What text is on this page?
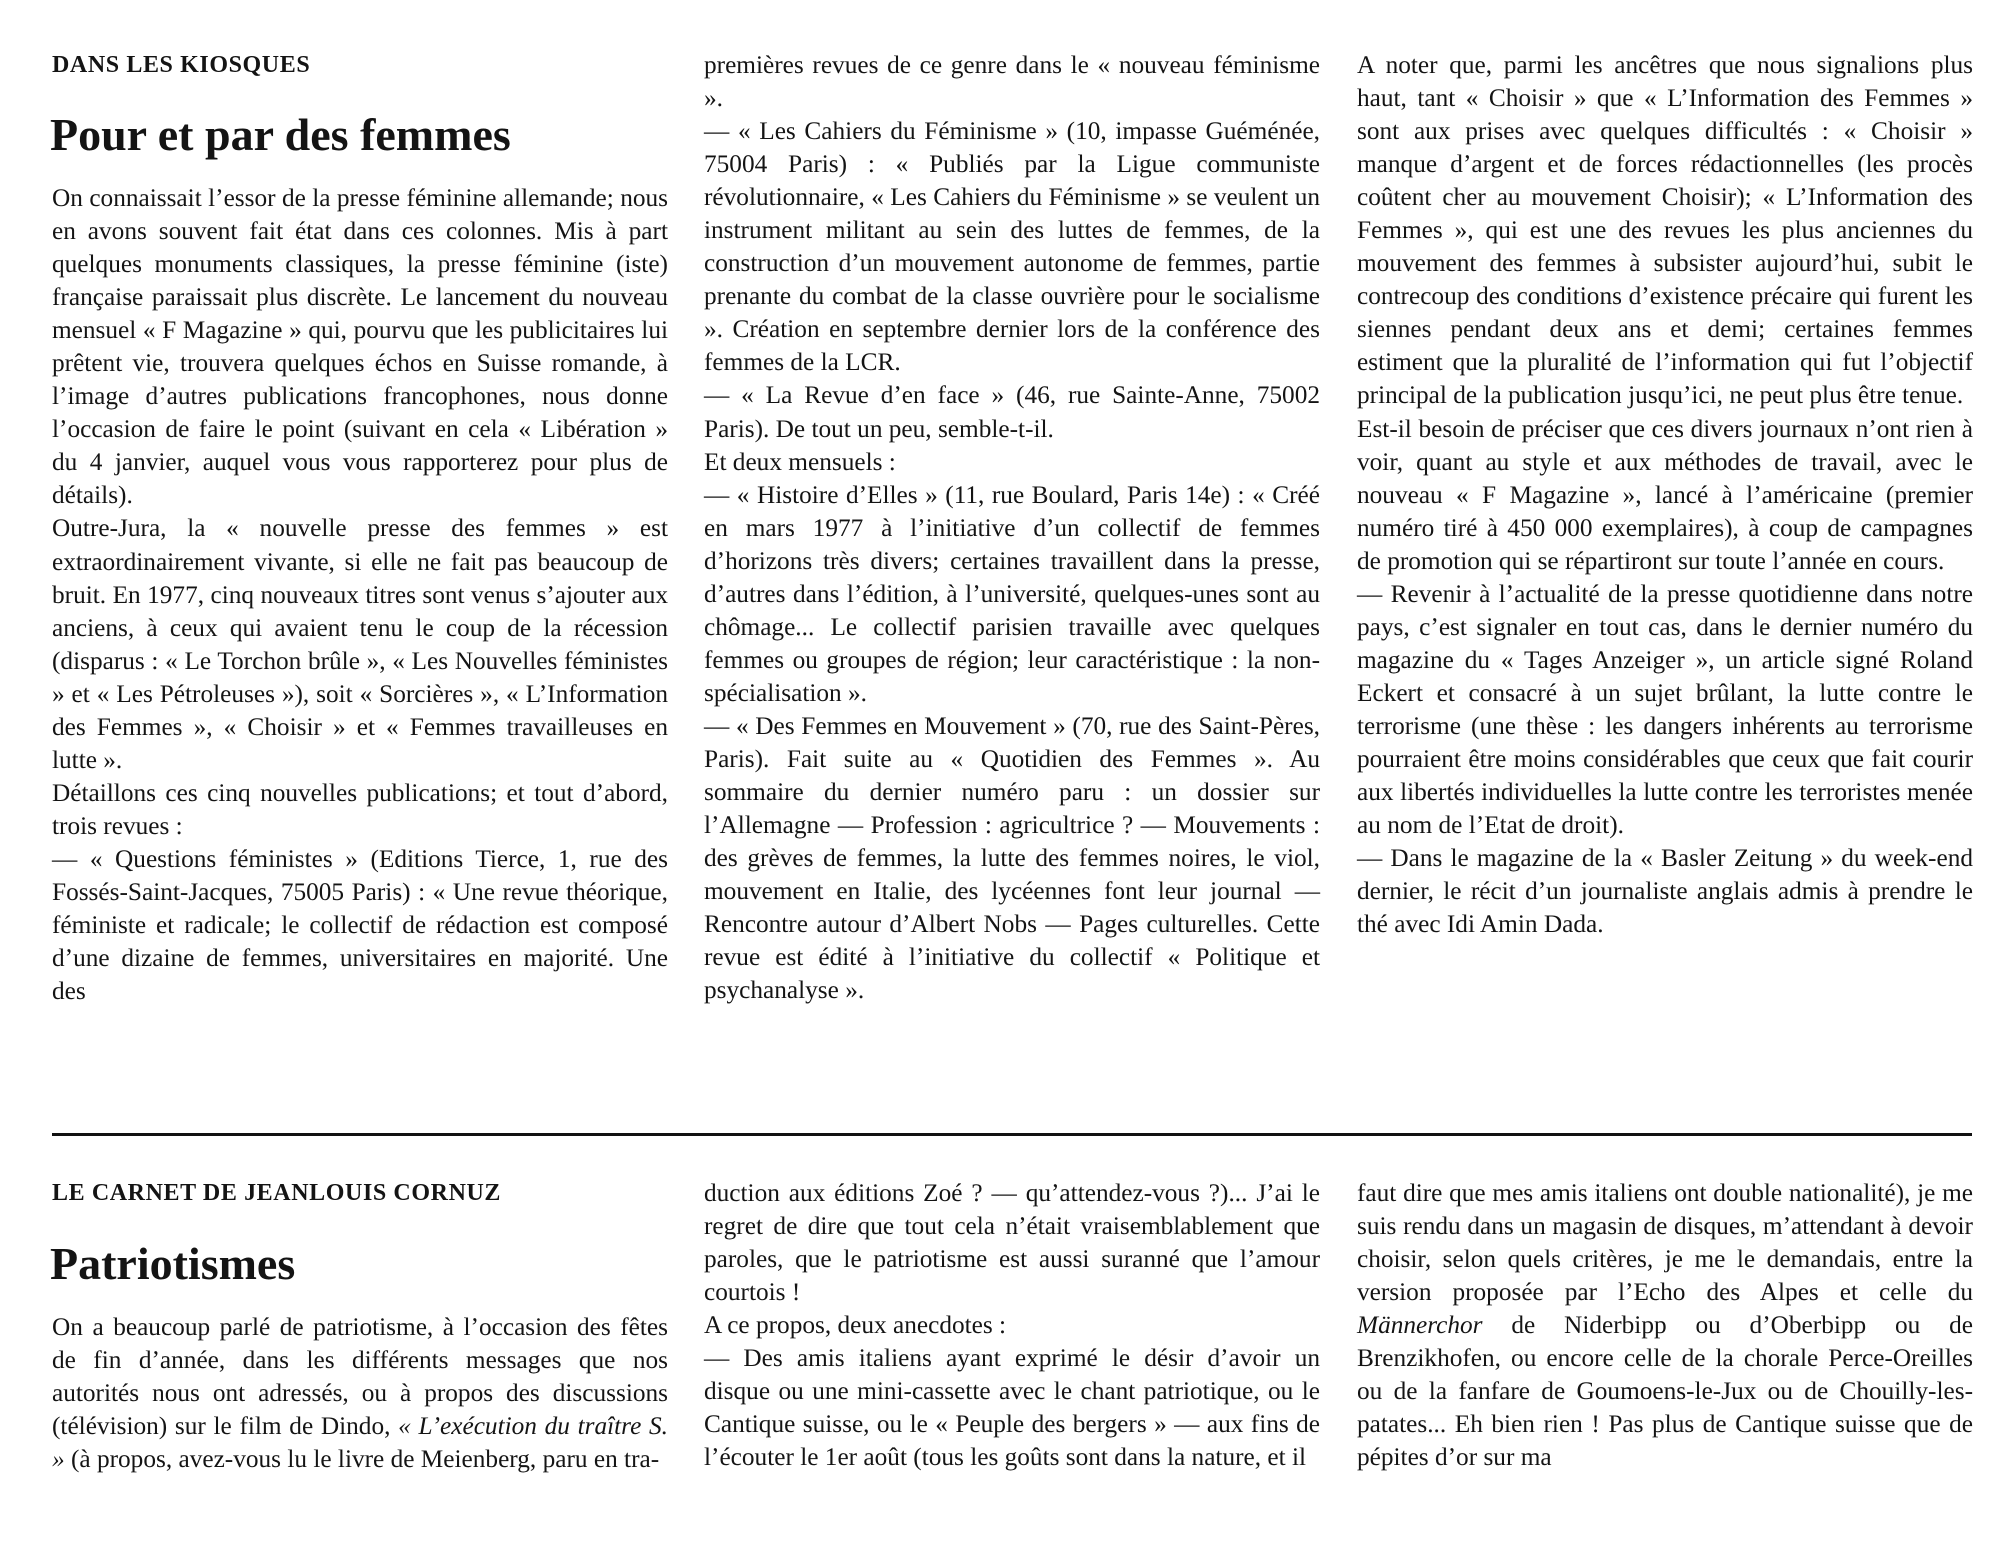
DANS LES KIOSQUES
Pour et par des femmes

On connaissait l’essor de la presse féminine allemande; nous en avons souvent fait état dans ces colonnes. Mis à part quelques monuments classiques, la presse féminine (iste) française paraissait plus discrète. Le lancement du nouveau mensuel « F Magazine » qui, pourvu que les publicitaires lui prêtent vie, trouvera quelques échos en Suisse romande, à l’image d’autres publications francophones, nous donne l’occasion de faire le point (suivant en cela « Libération » du 4 janvier, auquel vous vous rapporterez pour plus de détails).

Outre-Jura, la « nouvelle presse des femmes » est extraordinairement vivante, si elle ne fait pas beaucoup de bruit. En 1977, cinq nouveaux titres sont venus s’ajouter aux anciens, à ceux qui avaient tenu le coup de la récession (disparus : « Le Torchon brûle », « Les Nouvelles féministes » et « Les Pétroleuses »), soit « Sorcières », « L’Information des Femmes », « Choisir » et « Femmes travailleuses en lutte ».

Détaillons ces cinq nouvelles publications; et tout d’abord, trois revues :

— « Questions féministes » (Editions Tierce, 1, rue des Fossés-Saint-Jacques, 75005 Paris) : « Une revue théorique, féministe et radicale; le collectif de rédaction est composé d’une dizaine de femmes, universitaires en majorité. Une des

premières revues de ce genre dans le « nouveau féminisme ».

— « Les Cahiers du Féminisme » (10, impasse Guéménée, 75004 Paris) : « Publiés par la Ligue communiste révolutionnaire, « Les Cahiers du Féminisme » se veulent un instrument militant au sein des luttes de femmes, de la construction d’un mouvement autonome de femmes, partie prenante du combat de la classe ouvrière pour le socialisme ». Création en septembre dernier lors de la conférence des femmes de la LCR.

— « La Revue d’en face » (46, rue Sainte-Anne, 75002 Paris). De tout un peu, semble-t-il.

Et deux mensuels :

— « Histoire d’Elles » (11, rue Boulard, Paris 14e) : « Créé en mars 1977 à l’initiative d’un collectif de femmes d’horizons très divers; certaines travaillent dans la presse, d’autres dans l’édition, à l’université, quelques-unes sont au chômage... Le collectif parisien travaille avec quelques femmes ou groupes de région; leur caractéristique : la non-spécialisation ».

— « Des Femmes en Mouvement » (70, rue des Saint-Pères, Paris). Fait suite au « Quotidien des Femmes ». Au sommaire du dernier numéro paru : un dossier sur l’Allemagne — Profession : agricultrice ? — Mouvements : des grèves de femmes, la lutte des femmes noires, le viol, mouvement en Italie, des lycéennes font leur journal — Rencontre autour d’Albert Nobs — Pages culturelles. Cette revue est édité à l’initiative du collectif « Politique et psychanalyse ».

A noter que, parmi les ancêtres que nous signalions plus haut, tant « Choisir » que « L’Information des Femmes » sont aux prises avec quelques difficultés : « Choisir » manque d’argent et de forces rédactionnelles (les procès coûtent cher au mouvement Choisir); « L’Information des Femmes », qui est une des revues les plus anciennes du mouvement des femmes à subsister aujourd’hui, subit le contrecoup des conditions d’existence précaire qui furent les siennes pendant deux ans et demi; certaines femmes estiment que la pluralité de l’information qui fut l’objectif principal de la publication jusqu’ici, ne peut plus être tenue.

Est-il besoin de préciser que ces divers journaux n’ont rien à voir, quant au style et aux méthodes de travail, avec le nouveau « F Magazine », lancé à l’américaine (premier numéro tiré à 450 000 exemplaires), à coup de campagnes de promotion qui se répartiront sur toute l’année en cours.

— Revenir à l’actualité de la presse quotidienne dans notre pays, c’est signaler en tout cas, dans le dernier numéro du magazine du « Tages Anzeiger », un article signé Roland Eckert et consacré à un sujet brûlant, la lutte contre le terrorisme (une thèse : les dangers inhérents au terrorisme pourraient être moins considérables que ceux que fait courir aux libertés individuelles la lutte contre les terroristes menée au nom de l’Etat de droit).

— Dans le magazine de la « Basler Zeitung » du week-end dernier, le récit d’un journaliste anglais admis à prendre le thé avec Idi Amin Dada.

LE CARNET DE JEANLOUIS CORNUZ
Patriotismes

On a beaucoup parlé de patriotisme, à l’occasion des fêtes de fin d’année, dans les différents messages que nos autorités nous ont adressés, ou à propos des discussions (télévision) sur le film de Dindo, « L’exécution du traître S. » (à propos, avez-vous lu le livre de Meienberg, paru en tra-

duction aux éditions Zoé ? — qu’attendez-vous ?)... J’ai le regret de dire que tout cela n’était vraisemblablement que paroles, que le patriotisme est aussi suranné que l’amour courtois !

A ce propos, deux anecdotes :

— Des amis italiens ayant exprimé le désir d’avoir un disque ou une mini-cassette avec le chant patriotique, ou le Cantique suisse, ou le « Peuple des bergers » — aux fins de l’écouter le 1er août (tous les goûts sont dans la nature, et il

faut dire que mes amis italiens ont double nationalité), je me suis rendu dans un magasin de disques, m’attendant à devoir choisir, selon quels critères, je me le demandais, entre la version proposée par l’Echo des Alpes et celle du Männerchor de Niderbipp ou d’Oberbipp ou de Brenzikhofen, ou encore celle de la chorale Perce-Oreilles ou de la fanfare de Goumoens-le-Jux ou de Chouilly-les-patates... Eh bien rien ! Pas plus de Cantique suisse que de pépites d’or sur ma
